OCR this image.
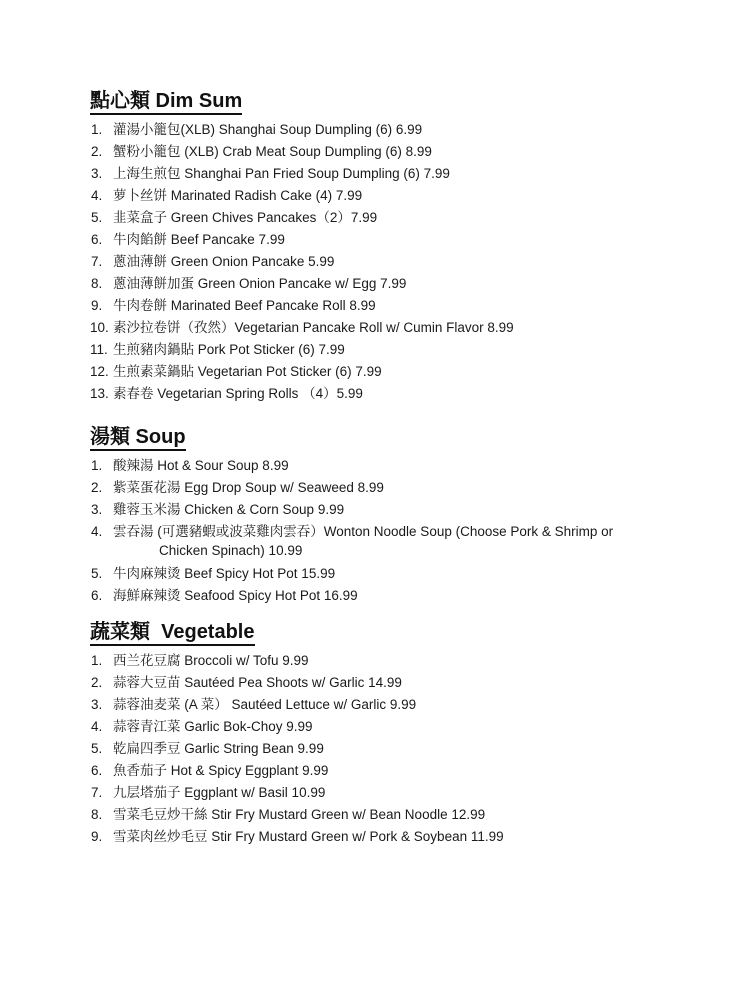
點心類 Dim Sum
1. 灌湯小籠包(XLB) Shanghai Soup Dumpling (6) 6.99
2. 蟹粉小籠包 (XLB) Crab Meat Soup Dumpling (6) 8.99
3. 上海生煎包 Shanghai Pan Fried Soup Dumpling (6) 7.99
4. 萝卜丝饼 Marinated Radish Cake (4) 7.99
5. 韭菜盒子 Green Chives Pancakes（2）7.99
6. 牛肉餡餅 Beef Pancake 7.99
7. 蔥油薄餅 Green Onion Pancake 5.99
8. 蔥油薄餅加蛋 Green Onion Pancake w/ Egg 7.99
9. 牛肉卷餅 Marinated Beef Pancake Roll 8.99
10. 素沙拉卷饼（孜然）Vegetarian Pancake Roll w/ Cumin Flavor 8.99
11. 生煎豬肉鍋貼 Pork Pot Sticker (6) 7.99
12. 生煎素菜鍋貼 Vegetarian Pot Sticker (6) 7.99
13. 素春卷 Vegetarian Spring Rolls （4）5.99
湯類 Soup
1. 酸辣湯 Hot & Sour Soup 8.99
2. 紫菜蛋花湯 Egg Drop Soup w/ Seaweed 8.99
3. 雞蓉玉米湯 Chicken & Corn Soup 9.99
4. 雲吞湯 (可選豬蝦或波菜雞肉雲吞）Wonton Noodle Soup (Choose Pork & Shrimp or
Chicken Spinach) 10.99
5. 牛肉麻辣烫 Beef Spicy Hot Pot 15.99
6. 海鮮麻辣烫 Seafood Spicy Hot Pot 16.99
蔬菜類  Vegetable
1. 西兰花豆腐 Broccoli w/ Tofu 9.99
2. 蒜蓉大豆苗 Sautéed Pea Shoots w/ Garlic 14.99
3. 蒜蓉油麦菜 (A 菜） Sautéed Lettuce w/ Garlic 9.99
4. 蒜蓉青江菜 Garlic Bok-Choy 9.99
5. 乾扁四季豆 Garlic String Bean 9.99
6. 魚香茄子 Hot & Spicy Eggplant 9.99
7. 九层塔茄子 Eggplant w/ Basil 10.99
8. 雪菜毛豆炒干絲 Stir Fry Mustard Green w/ Bean Noodle 12.99
9. 雪菜肉丝炒毛豆 Stir Fry Mustard Green w/ Pork & Soybean 11.99
